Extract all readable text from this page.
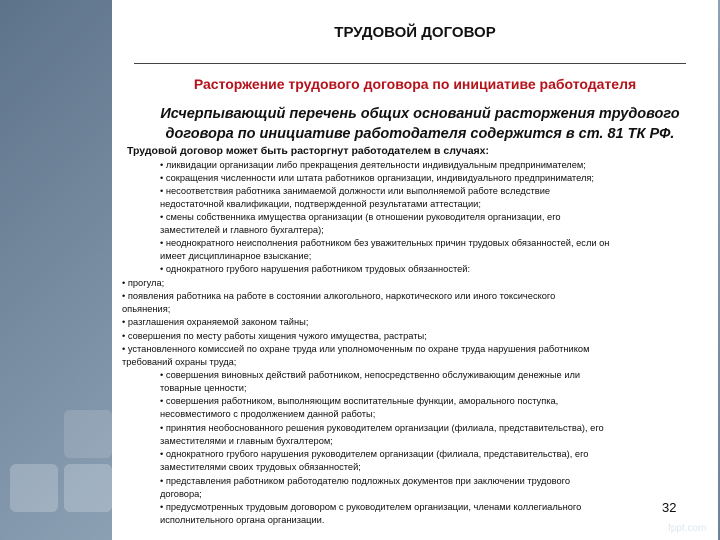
ТРУДОВОЙ ДОГОВОР
Расторжение трудового договора по инициативе работодателя
Исчерпывающий перечень общих оснований расторжения трудового
договора по инициативе работодателя содержится в ст. 81 ТК РФ.
Трудовой договор может быть расторгнут работодателем в случаях:
• ликвидации организации либо прекращения деятельности индивидуальным предпринимателем;
• сокращения численности или штата работников организации, индивидуального предпринимателя;
• несоответствия работника занимаемой должности или выполняемой работе вследствие
недостаточной квалификации, подтвержденной результатами аттестации;
• смены собственника имущества организации (в отношении руководителя организации, его
заместителей и главного бухгалтера);
• неоднократного неисполнения работником без уважительных причин трудовых обязанностей, если он
имеет дисциплинарное взыскание;
• однократного грубого нарушения работником трудовых обязанностей:
• прогула;
• появления работника на работе в состоянии алкогольного, наркотического или иного токсического
опьянения;
• разглашения охраняемой законом тайны;
• совершения по месту работы хищения чужого имущества, растраты;
• установленного комиссией по охране труда или уполномоченным по охране труда нарушения работником
требований охраны труда;
• совершения виновных действий работником, непосредственно обслуживающим денежные или
товарные ценности;
• совершения работником, выполняющим воспитательные функции, аморального поступка,
несовместимого с продолжением данной работы;
• принятия необоснованного решения руководителем организации (филиала, представительства), его
заместителями и главным бухгалтером;
• однократного грубого нарушения руководителем организации (филиала, представительства), его
заместителями своих трудовых обязанностей;
• представления работником работодателю подложных документов при заключении трудового
договора;
• предусмотренных трудовым договором с руководителем организации, членами коллегиального
исполнительного органа организации.
32
fppt.com
